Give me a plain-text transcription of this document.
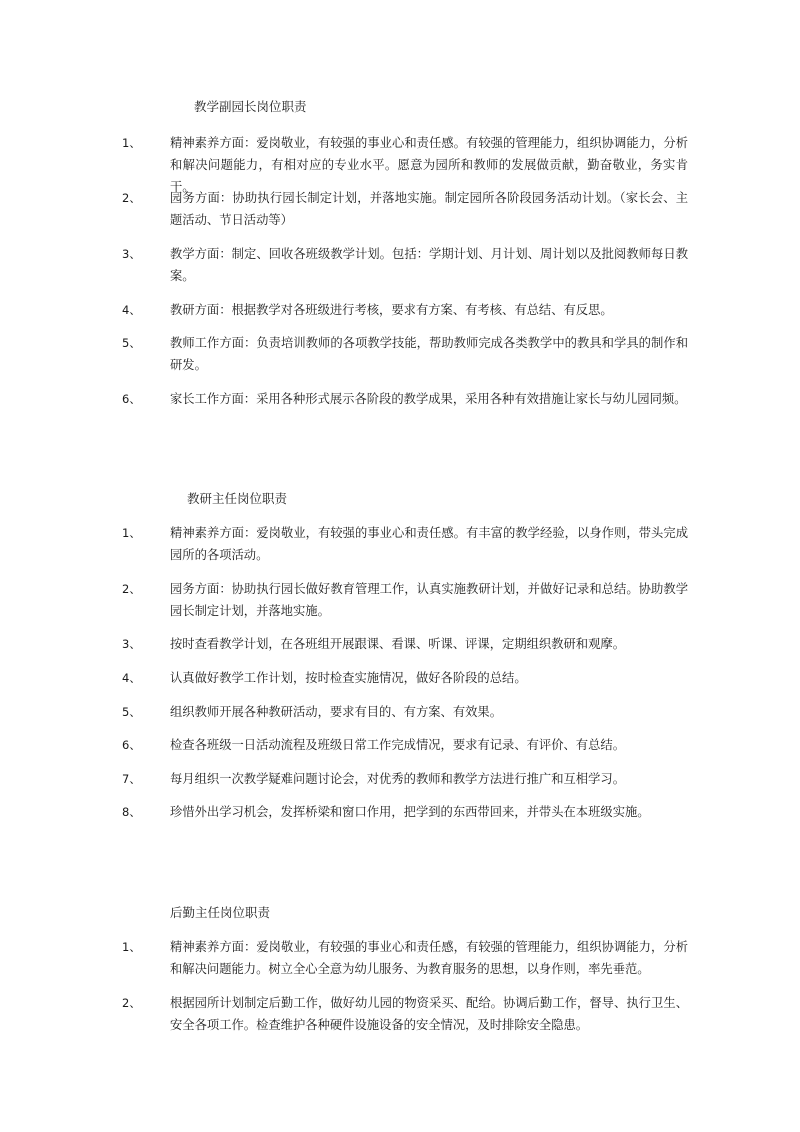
教学副园长岗位职责
1、 精神素养方面：爱岗敬业，有较强的事业心和责任感。有较强的管理能力，组织协调能力，分析和解决问题能力，有相对应的专业水平。愿意为园所和教师的发展做贡献，勤奋敬业，务实肯干。
2、 园务方面：协助执行园长制定计划，并落地实施。制定园所各阶段园务活动计划。（家长会、主题活动、节日活动等）
3、 教学方面：制定、回收各班级教学计划。包括：学期计划、月计划、周计划以及批阅教师每日教案。
4、 教研方面：根据教学对各班级进行考核，要求有方案、有考核、有总结、有反思。
5、 教师工作方面：负责培训教师的各项教学技能，帮助教师完成各类教学中的教具和学具的制作和研发。
6、 家长工作方面：采用各种形式展示各阶段的教学成果，采用各种有效措施让家长与幼儿园同频。
教研主任岗位职责
1、 精神素养方面：爱岗敬业，有较强的事业心和责任感。有丰富的教学经验，以身作则，带头完成园所的各项活动。
2、 园务方面：协助执行园长做好教育管理工作，认真实施教研计划，并做好记录和总结。协助教学园长制定计划，并落地实施。
3、 按时查看教学计划，在各班组开展跟课、看课、听课、评课，定期组织教研和观摩。
4、 认真做好教学工作计划，按时检查实施情况，做好各阶段的总结。
5、 组织教师开展各种教研活动，要求有目的、有方案、有效果。
6、 检查各班级一日活动流程及班级日常工作完成情况，要求有记录、有评价、有总结。
7、 每月组织一次教学疑难问题讨论会，对优秀的教师和教学方法进行推广和互相学习。
8、 珍惜外出学习机会，发挥桥梁和窗口作用，把学到的东西带回来，并带头在本班级实施。
后勤主任岗位职责
1、 精神素养方面：爱岗敬业，有较强的事业心和责任感，有较强的管理能力，组织协调能力，分析和解决问题能力。树立全心全意为幼儿服务、为教育服务的思想，以身作则，率先垂范。
2、 根据园所计划制定后勤工作，做好幼儿园的物资采买、配给。协调后勤工作，督导、执行卫生、安全各项工作。检查维护各种硬件设施设备的安全情况，及时排除安全隐患。
